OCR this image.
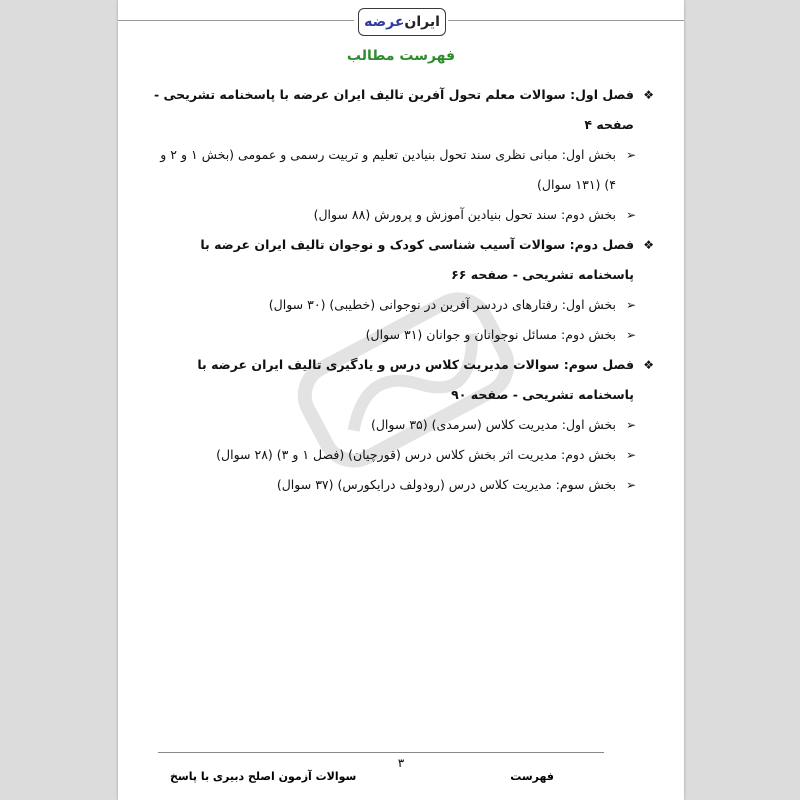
ایران
عرضه
فهرست مطالب
❖
فصل اول: سوالات معلم تحول آفرین تالیف ایران عرضه با پاسخنامه تشریحی - صفحه ۴
➢
بخش اول: مبانی نظری سند تحول بنیادین تعلیم و تربیت رسمی و عمومی (بخش ۱ و ۲ و ۴) (۱۳۱ سوال)
➢
بخش دوم: سند تحول بنیادین آموزش و پرورش (۸۸ سوال)
❖
فصل دوم: سوالات آسیب شناسی کودک و نوجوان تالیف ایران عرضه با پاسخنامه تشریحی - صفحه ۶۶
➢
بخش اول: رفتارهای دردسر آفرین در نوجوانی (خطیبی) (۳۰ سوال)
➢
بخش دوم: مسائل نوجوانان و جوانان (۳۱ سوال)
❖
فصل سوم: سوالات مدیریت کلاس درس و یادگیری تالیف ایران عرضه با پاسخنامه تشریحی - صفحه ۹۰
➢
بخش اول: مدیریت کلاس (سرمدی) (۳۵ سوال)
➢
بخش دوم: مدیریت اثر بخش کلاس درس (قورچیان) (فصل ۱ و ۳) (۲۸ سوال)
➢
بخش سوم: مدیریت کلاس درس (رودولف درایکورس) (۳۷ سوال)
۳
سوالات آزمون اصلح دبیری با پاسخ	فهرست
